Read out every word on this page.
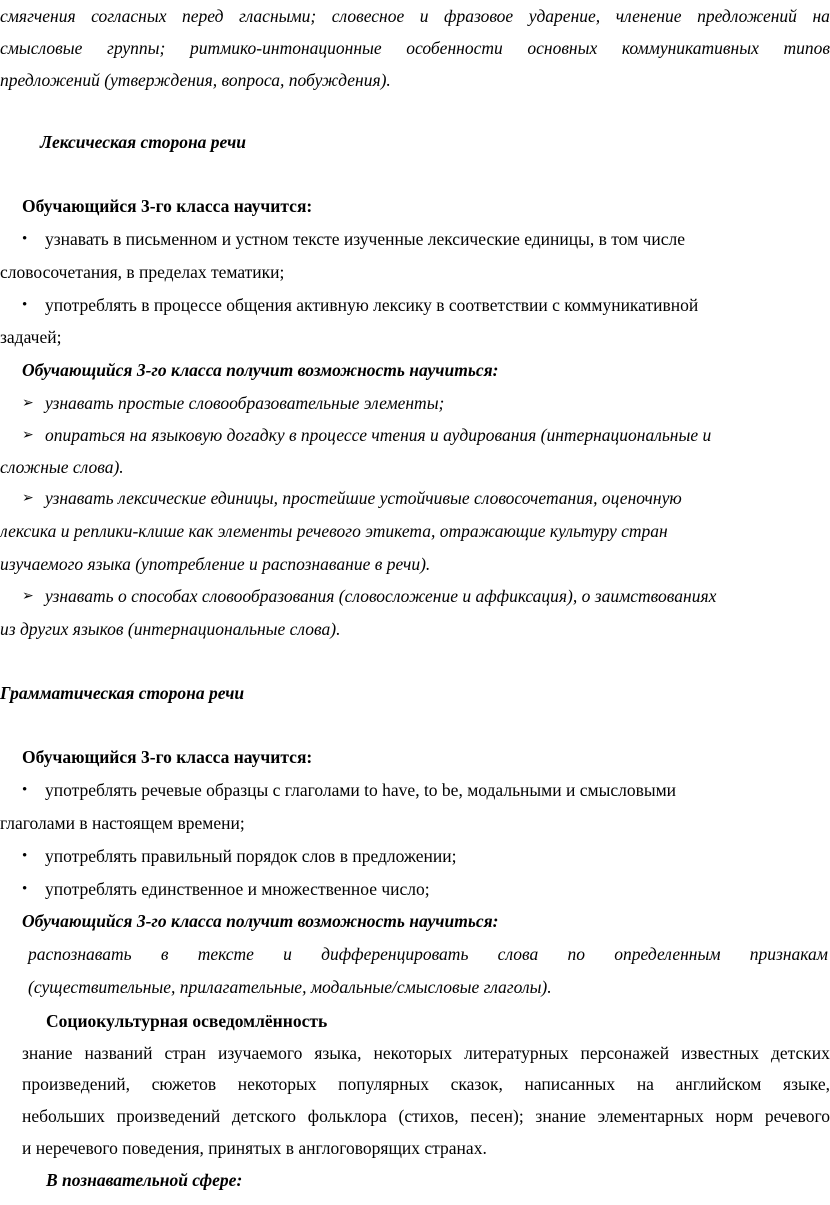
смягчения согласных перед гласными; словесное и фразовое ударение, членение предложений на
смысловые группы; ритмико-интонационные особенности основных коммуникативных типов
предложений (утверждения, вопроса, побуждения).
Лексическая сторона речи
Обучающийся 3-го класса научится:
• узнавать в письменном и устном тексте изученные лексические единицы, в том числе
словосочетания, в пределах тематики;
• употреблять в процессе общения активную лексику в соответствии с коммуникативной
задачей;
Обучающийся 3-го класса получит возможность научиться:
➢ узнавать простые словообразовательные элементы;
➢ опираться на языковую догадку в процессе чтения и аудирования (интернациональные и
сложные слова).
➢ узнавать лексические единицы, простейшие устойчивые словосочетания, оценочную
лексика и реплики-клише как элементы речевого этикета, отражающие культуру стран
изучаемого языка (употребление и распознавание в речи).
➢ узнавать о способах словообразования (словосложение и аффиксация), о заимствованиях
из других языков (интернациональные слова).
Грамматическая сторона речи
Обучающийся 3-го класса научится:
• употреблять речевые образцы с глаголами to have, to be, модальными и смысловыми
глаголами в настоящем времени;
• употреблять правильный порядок слов в предложении;
• употреблять единственное и множественное число;
Обучающийся 3-го класса получит возможность научиться:
распознавать в тексте и дифференцировать слова по определенным признакам
(существительные, прилагательные, модальные/смысловые глаголы).
Социокультурная осведомлённость
знание названий стран изучаемого языка, некоторых литературных персонажей известных детских
произведений, сюжетов некоторых популярных сказок, написанных на английском языке,
небольших произведений детского фольклора (стихов, песен); знание элементарных норм речевого
и неречевого поведения, принятых в англоговорящих странах.
В познавательной сфере:
